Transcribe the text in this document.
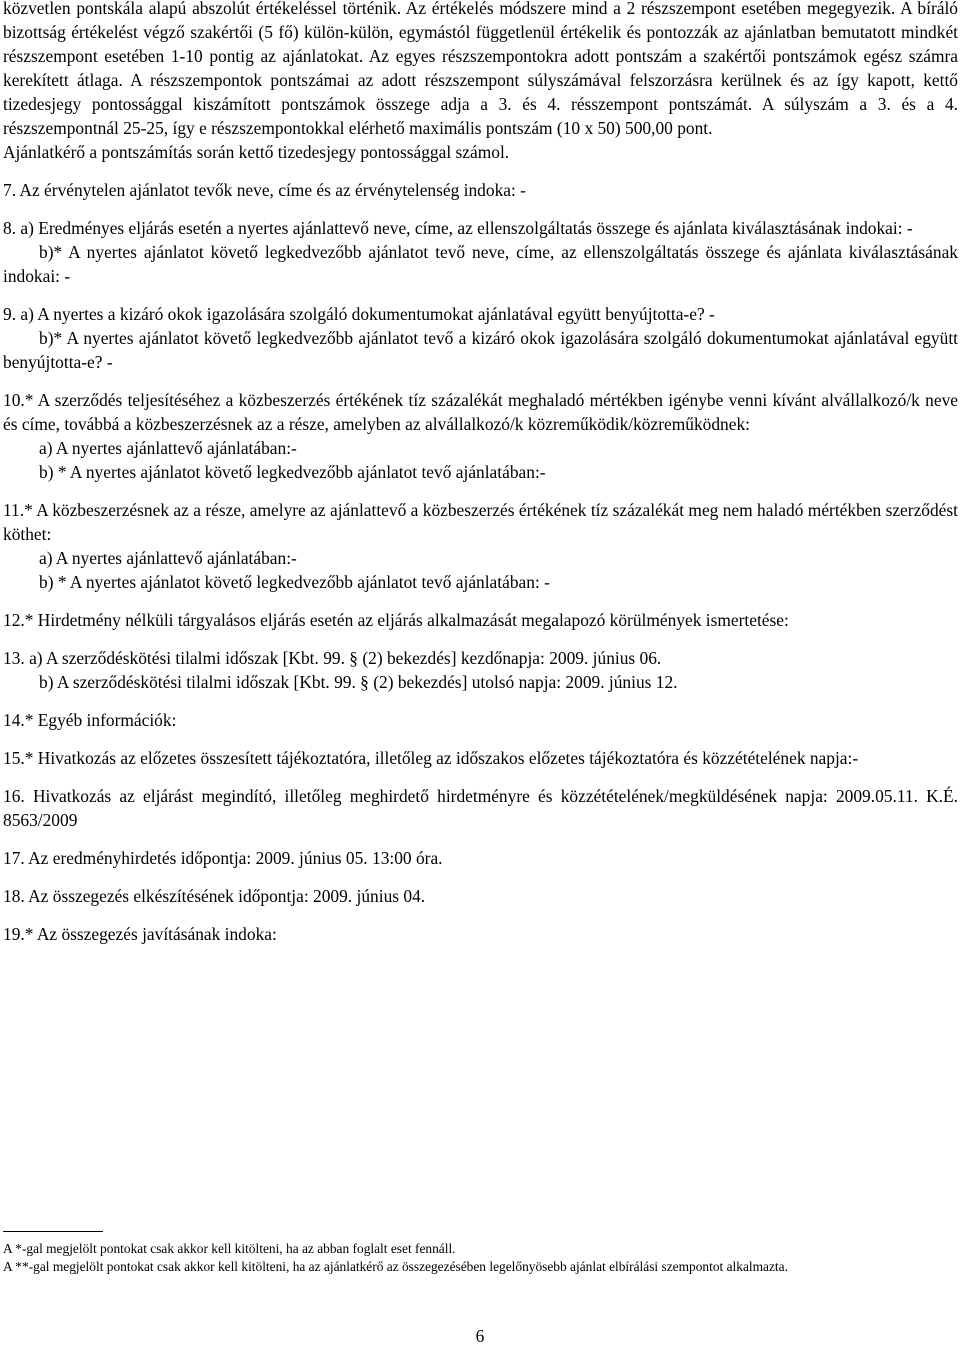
közvetlen pontskála alapú abszolút értékeléssel történik. Az értékelés módszere mind a 2 részszempont esetében megegyezik. A bíráló bizottság értékelést végző szakértői (5 fő) külön-külön, egymástól függetlenül értékelik és pontozzák az ajánlatban bemutatott mindkét részszempont esetében 1-10 pontig az ajánlatokat. Az egyes részszempontokra adott pontszám a szakértői pontszámok egész számra kerekített átlaga. A részszempontok pontszámai az adott részszempont súlyszámával felszorzásra kerülnek és az így kapott, kettő tizedesjegy pontossággal kiszámított pontszámok összege adja a 3. és 4. résszempont pontszámát. A súlyszám a 3. és a 4. részszempontnál 25-25, így e részszempontokkal elérhető maximális pontszám (10 x 50) 500,00 pont.

Ajánlatkérő a pontszámítás során kettő tizedesjegy pontossággal számol.

7. Az érvénytelen ajánlatot tevők neve, címe és az érvénytelenség indoka: -

8. a) Eredményes eljárás esetén a nyertes ajánlattevő neve, címe, az ellenszolgáltatás összege és ajánlata kiválasztásának indokai: -

b)* A nyertes ajánlatot követő legkedvezőbb ajánlatot tevő neve, címe, az ellenszolgáltatás összege és ajánlata kiválasztásának indokai: -

9. a) A nyertes a kizáró okok igazolására szolgáló dokumentumokat ajánlatával együtt benyújtotta-e? -

b)* A nyertes ajánlatot követő legkedvezőbb ajánlatot tevő a kizáró okok igazolására szolgáló dokumentumokat ajánlatával együtt benyújtotta-e? -

10.* A szerződés teljesítéséhez a közbeszerzés értékének tíz százalékát meghaladó mértékben igénybe venni kívánt alvállalkozó/k neve és címe, továbbá a közbeszerzésnek az a része, amelyben az alvállalkozó/k közreműködik/közreműködnek:

a) A nyertes ajánlattevő ajánlatában:-

b) * A nyertes ajánlatot követő legkedvezőbb ajánlatot tevő ajánlatában:-

11.* A közbeszerzésnek az a része, amelyre az ajánlattevő a közbeszerzés értékének tíz százalékát meg nem haladó mértékben szerződést köthet:

a) A nyertes ajánlattevő ajánlatában:-

b) * A nyertes ajánlatot követő legkedvezőbb ajánlatot tevő ajánlatában: -

12.* Hirdetmény nélküli tárgyalásos eljárás esetén az eljárás alkalmazását megalapozó körülmények ismertetése:

13. a) A szerződéskötési tilalmi időszak [Kbt. 99. § (2) bekezdés] kezdőnapja: 2009. június 06.

b) A szerződéskötési tilalmi időszak [Kbt. 99. § (2) bekezdés] utolsó napja: 2009. június 12.

14.* Egyéb információk:

15.* Hivatkozás az előzetes összesített tájékoztatóra, illetőleg az időszakos előzetes tájékoztatóra és közzétételének napja:-

16. Hivatkozás az eljárást megindító, illetőleg meghirdető hirdetményre és közzétételének/megküldésének napja: 2009.05.11. K.É. 8563/2009

17. Az eredményhirdetés időpontja: 2009. június 05. 13:00 óra.

18. Az összegezés elkészítésének időpontja: 2009. június 04.

19.* Az összegezés javításának indoka:

A *-gal megjelölt pontokat csak akkor kell kitölteni, ha az abban foglalt eset fennáll.

A **-gal megjelölt pontokat csak akkor kell kitölteni, ha az ajánlatkérő az összegezésében legelőnyösebb ajánlat elbírálási szempontot alkalmazta.

6
